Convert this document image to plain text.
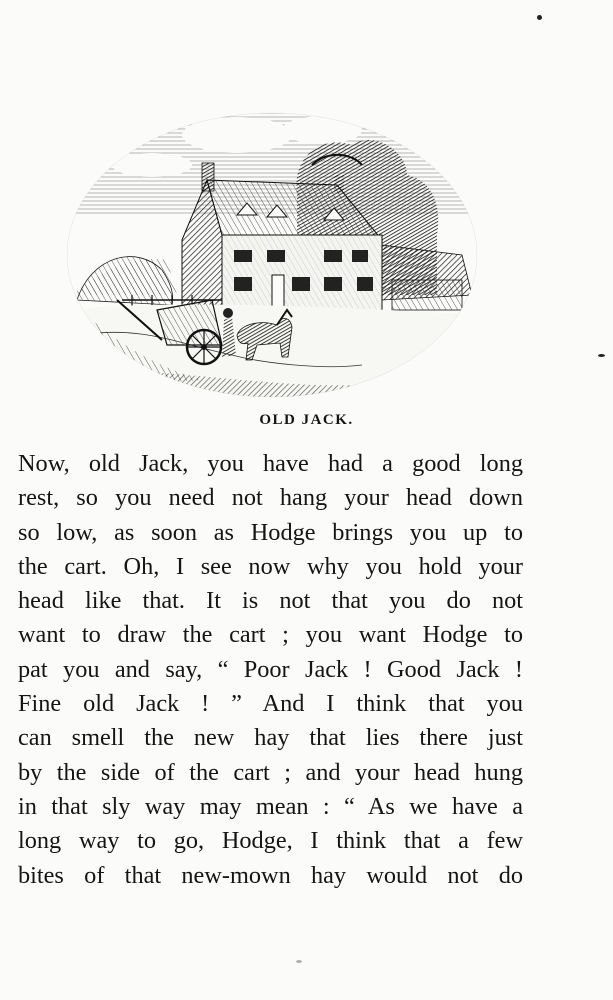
OLD JACK.
Now, old Jack, you have had a good long
rest, so you need not hang your head down
so low, as soon as Hodge brings you up to
the cart. Oh, I see now why you hold your
head like that. It is not that you do not
want to draw the cart ; you want Hodge to
pat you and say, “ Poor Jack ! Good Jack !
Fine old Jack ! ” And I think that you
can smell the new hay that lies there just
by the side of the cart ; and your head hung
in that sly way may mean : “ As we have a
long way to go, Hodge, I think that a few
bites of that new-mown hay would not do
